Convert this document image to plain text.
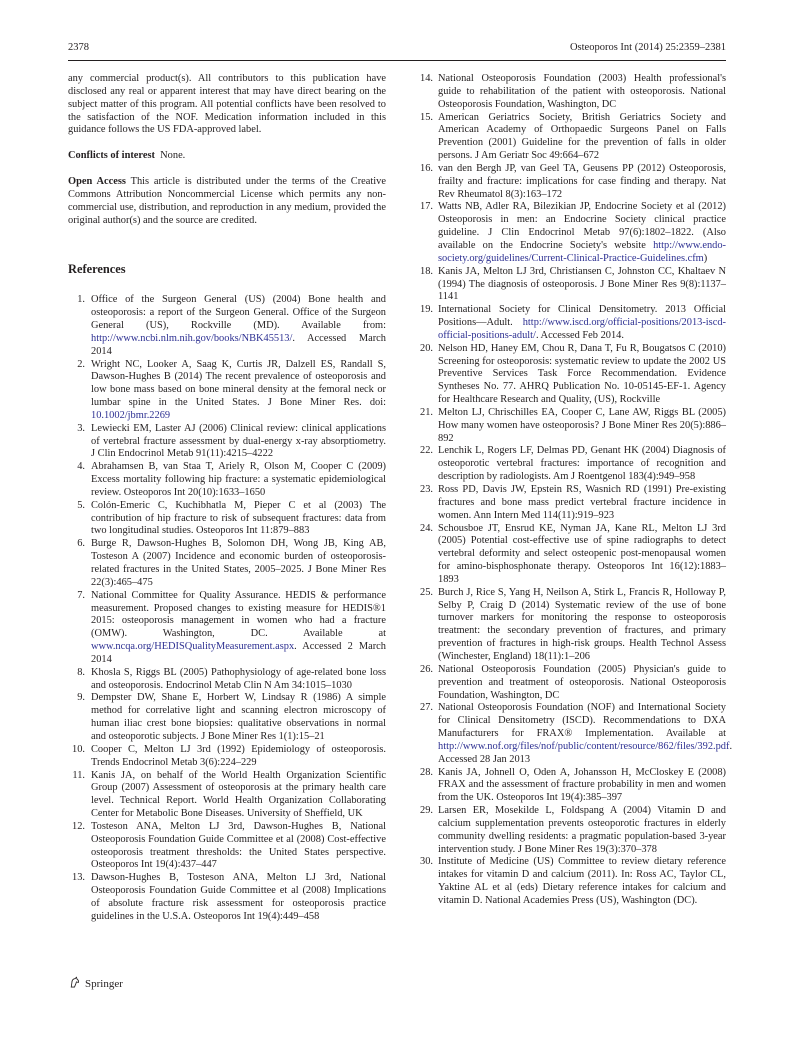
2378	Osteoporos Int (2014) 25:2359–2381

any commercial product(s). All contributors to this publication have disclosed any real or apparent interest that may have direct bearing on the subject matter of this program. All potential conflicts have been resolved to the satisfaction of the NOF. Medication information included in this guidance follows the US FDA-approved label.

Conflicts of interest None.

Open Access This article is distributed under the terms of the Creative Commons Attribution Noncommercial License which permits any non-commercial use, distribution, and reproduction in any medium, provided the original author(s) and the source are credited.

References
1. Office of the Surgeon General (US) (2004) Bone health and osteoporosis: a report of the Surgeon General. Office of the Surgeon General (US), Rockville (MD). Available from: http://www.ncbi.nlm.nih.gov/books/NBK45513/. Accessed March 2014
2. Wright NC, Looker A, Saag K, Curtis JR, Dalzell ES, Randall S, Dawson-Hughes B (2014) The recent prevalence of osteoporosis and low bone mass based on bone mineral density at the femoral neck or lumbar spine in the United States. J Bone Miner Res. doi: 10.1002/jbmr.2269
3. Lewiecki EM, Laster AJ (2006) Clinical review: clinical applications of vertebral fracture assessment by dual-energy x-ray absorptiometry. J Clin Endocrinol Metab 91(11):4215–4222
4. Abrahamsen B, van Staa T, Ariely R, Olson M, Cooper C (2009) Excess mortality following hip fracture: a systematic epidemiological review. Osteoporos Int 20(10):1633–1650
5. Colón-Emeric C, Kuchibhatla M, Pieper C et al (2003) The contribution of hip fracture to risk of subsequent fractures: data from two longitudinal studies. Osteoporos Int 11:879–883
6. Burge R, Dawson-Hughes B, Solomon DH, Wong JB, King AB, Tosteson A (2007) Incidence and economic burden of osteoporosis-related fractures in the United States, 2005–2025. J Bone Miner Res 22(3):465–475
7. National Committee for Quality Assurance. HEDIS & performance measurement. Proposed changes to existing measure for HEDIS®1 2015: osteoporosis management in women who had a fracture (OMW). Washington, DC. Available at www.ncqa.org/HEDISQualityMeasurement.aspx. Accessed 2 March 2014
8. Khosla S, Riggs BL (2005) Pathophysiology of age-related bone loss and osteoporosis. Endocrinol Metab Clin N Am 34:1015–1030
9. Dempster DW, Shane E, Horbert W, Lindsay R (1986) A simple method for correlative light and scanning electron microscopy of human iliac crest bone biopsies: qualitative observations in normal and osteoporotic subjects. J Bone Miner Res 1(1):15–21
10. Cooper C, Melton LJ 3rd (1992) Epidemiology of osteoporosis. Trends Endocrinol Metab 3(6):224–229
11. Kanis JA, on behalf of the World Health Organization Scientific Group (2007) Assessment of osteoporosis at the primary health care level. Technical Report. World Health Organization Collaborating Center for Metabolic Bone Diseases. University of Sheffield, UK
12. Tosteson ANA, Melton LJ 3rd, Dawson-Hughes B, National Osteoporosis Foundation Guide Committee et al (2008) Cost-effective osteoporosis treatment thresholds: the United States perspective. Osteoporos Int 19(4):437–447
13. Dawson-Hughes B, Tosteson ANA, Melton LJ 3rd, National Osteoporosis Foundation Guide Committee et al (2008) Implications of absolute fracture risk assessment for osteoporosis practice guidelines in the U.S.A. Osteoporos Int 19(4):449–458
14. National Osteoporosis Foundation (2003) Health professional's guide to rehabilitation of the patient with osteoporosis. National Osteoporosis Foundation, Washington, DC
15. American Geriatrics Society, British Geriatrics Society and American Academy of Orthopaedic Surgeons Panel on Falls Prevention (2001) Guideline for the prevention of falls in older persons. J Am Geriatr Soc 49:664–672
16. van den Bergh JP, van Geel TA, Geusens PP (2012) Osteoporosis, frailty and fracture: implications for case finding and therapy. Nat Rev Rheumatol 8(3):163–172
17. Watts NB, Adler RA, Bilezikian JP, Endocrine Society et al (2012) Osteoporosis in men: an Endocrine Society clinical practice guideline. J Clin Endocrinol Metab 97(6):1802–1822. (Also available on the Endocrine Society's website http://www.endo-society.org/guidelines/Current-Clinical-Practice-Guidelines.cfm)
18. Kanis JA, Melton LJ 3rd, Christiansen C, Johnston CC, Khaltaev N (1994) The diagnosis of osteoporosis. J Bone Miner Res 9(8):1137–1141
19. International Society for Clinical Densitometry. 2013 Official Positions—Adult. http://www.iscd.org/official-positions/2013-iscd-official-positions-adult/. Accessed Feb 2014.
20. Nelson HD, Haney EM, Chou R, Dana T, Fu R, Bougatsos C (2010) Screening for osteoporosis: systematic review to update the 2002 US Preventive Services Task Force Recommendation. Evidence Syntheses No. 77. AHRQ Publication No. 10-05145-EF-1. Agency for Healthcare Research and Quality, (US), Rockville
21. Melton LJ, Chrischilles EA, Cooper C, Lane AW, Riggs BL (2005) How many women have osteoporosis? J Bone Miner Res 20(5):886–892
22. Lenchik L, Rogers LF, Delmas PD, Genant HK (2004) Diagnosis of osteoporotic vertebral fractures: importance of recognition and description by radiologists. Am J Roentgenol 183(4):949–958
23. Ross PD, Davis JW, Epstein RS, Wasnich RD (1991) Pre-existing fractures and bone mass predict vertebral fracture incidence in women. Ann Intern Med 114(11):919–923
24. Schousboe JT, Ensrud KE, Nyman JA, Kane RL, Melton LJ 3rd (2005) Potential cost-effective use of spine radiographs to detect vertebral deformity and select osteopenic post-menopausal women for amino-bisphosphonate therapy. Osteoporos Int 16(12):1883–1893
25. Burch J, Rice S, Yang H, Neilson A, Stirk L, Francis R, Holloway P, Selby P, Craig D (2014) Systematic review of the use of bone turnover markers for monitoring the response to osteoporosis treatment: the secondary prevention of fractures, and primary prevention of fractures in high-risk groups. Health Technol Assess (Winchester, England) 18(11):1–206
26. National Osteoporosis Foundation (2005) Physician's guide to prevention and treatment of osteoporosis. National Osteoporosis Foundation, Washington, DC
27. National Osteoporosis Foundation (NOF) and International Society for Clinical Densitometry (ISCD). Recommendations to DXA Manufacturers for FRAX® Implementation. Available at http://www.nof.org/files/nof/public/content/resource/862/files/392.pdf. Accessed 28 Jan 2013
28. Kanis JA, Johnell O, Oden A, Johansson H, McCloskey E (2008) FRAX and the assessment of fracture probability in men and women from the UK. Osteoporos Int 19(4):385–397
29. Larsen ER, Mosekilde L, Foldspang A (2004) Vitamin D and calcium supplementation prevents osteoporotic fractures in elderly community dwelling residents: a pragmatic population-based 3-year intervention study. J Bone Miner Res 19(3):370–378
30. Institute of Medicine (US) Committee to review dietary reference intakes for vitamin D and calcium (2011). In: Ross AC, Taylor CL, Yaktine AL et al (eds) Dietary reference intakes for calcium and vitamin D. National Academies Press (US), Washington (DC).
Springer
